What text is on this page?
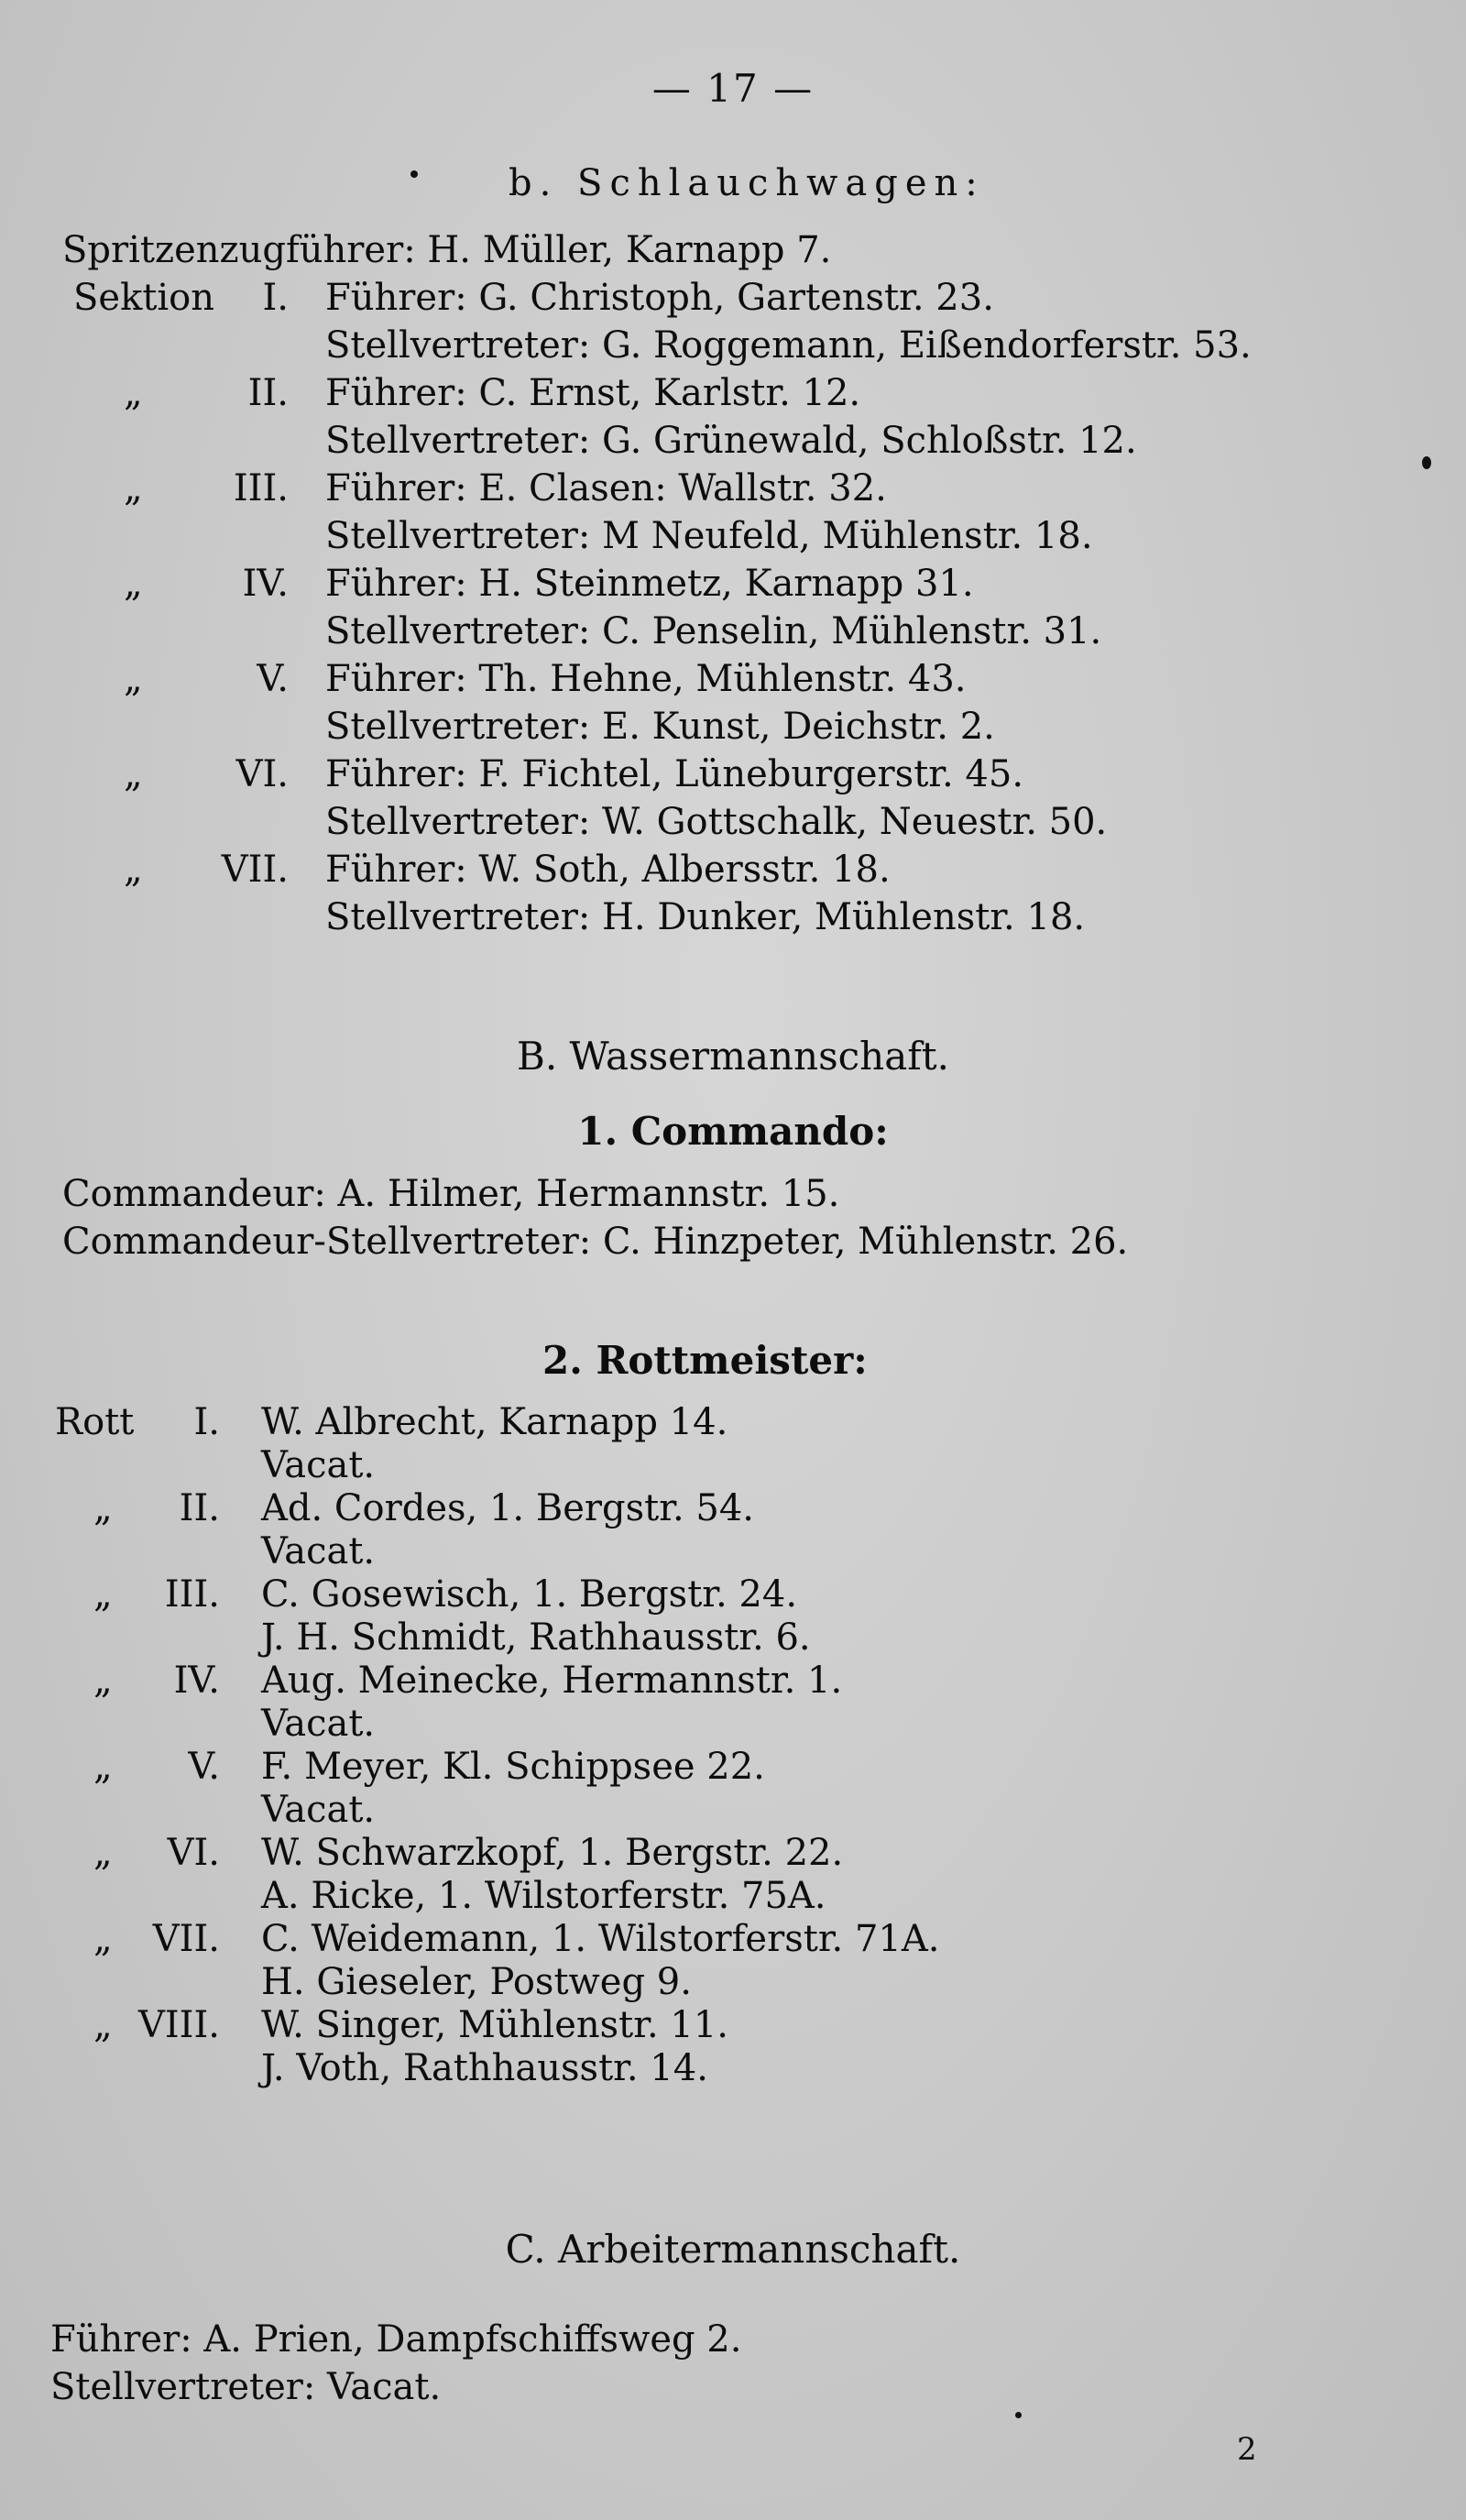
— 17 —
b. Schlauchwagen:
Spritzenzugführer: H. Müller, Karnapp 7.
Sektion	I. Führer: G. Christoph, Gartenstr. 23.
Stellvertreter: G. Roggemann, Eißendorferstr. 53.
„	II. Führer: C. Ernst, Karlstr. 12.
Stellvertreter: G. Grünewald, Schloßstr. 12.
„	III. Führer: E. Clasen: Wallstr. 32.
Stellvertreter: M Neufeld, Mühlenstr. 18.
„	IV. Führer: H. Steinmetz, Karnapp 31.
Stellvertreter: C. Penselin, Mühlenstr. 31.
„	V. Führer: Th. Hehne, Mühlenstr. 43.
Stellvertreter: E. Kunst, Deichstr. 2.
„	VI. Führer: F. Fichtel, Lüneburgerstr. 45.
Stellvertreter: W. Gottschalk, Neuestr. 50.
„	VII. Führer: W. Soth, Albersstr. 18.
Stellvertreter: H. Dunker, Mühlenstr. 18.
B. Wassermannschaft.
1. Commando:
Commandeur: A. Hilmer, Hermannstr. 15.
Commandeur-Stellvertreter: C. Hinzpeter, Mühlenstr. 26.
2. Rottmeister:
Rott	I. W. Albrecht, Karnapp 14.
Vacat.
„	II. Ad. Cordes, 1. Bergstr. 54.
Vacat.
„	III. C. Gosewisch, 1. Bergstr. 24.
J. H. Schmidt, Rathhausstr. 6.
„	IV. Aug. Meinecke, Hermannstr. 1.
Vacat.
„	V. F. Meyer, Kl. Schippsee 22.
Vacat.
„	VI. W. Schwarzkopf, 1. Bergstr. 22.
A. Ricke, 1. Wilstorferstr. 75A.
„	VII. C. Weidemann, 1. Wilstorferstr. 71A.
H. Gieseler, Postweg 9.
„ VIII. W. Singer, Mühlenstr. 11.
J. Voth, Rathhausstr. 14.
C. Arbeitermannschaft.
Führer: A. Prien, Dampfschiffsweg 2.
Stellvertreter: Vacat.
2
